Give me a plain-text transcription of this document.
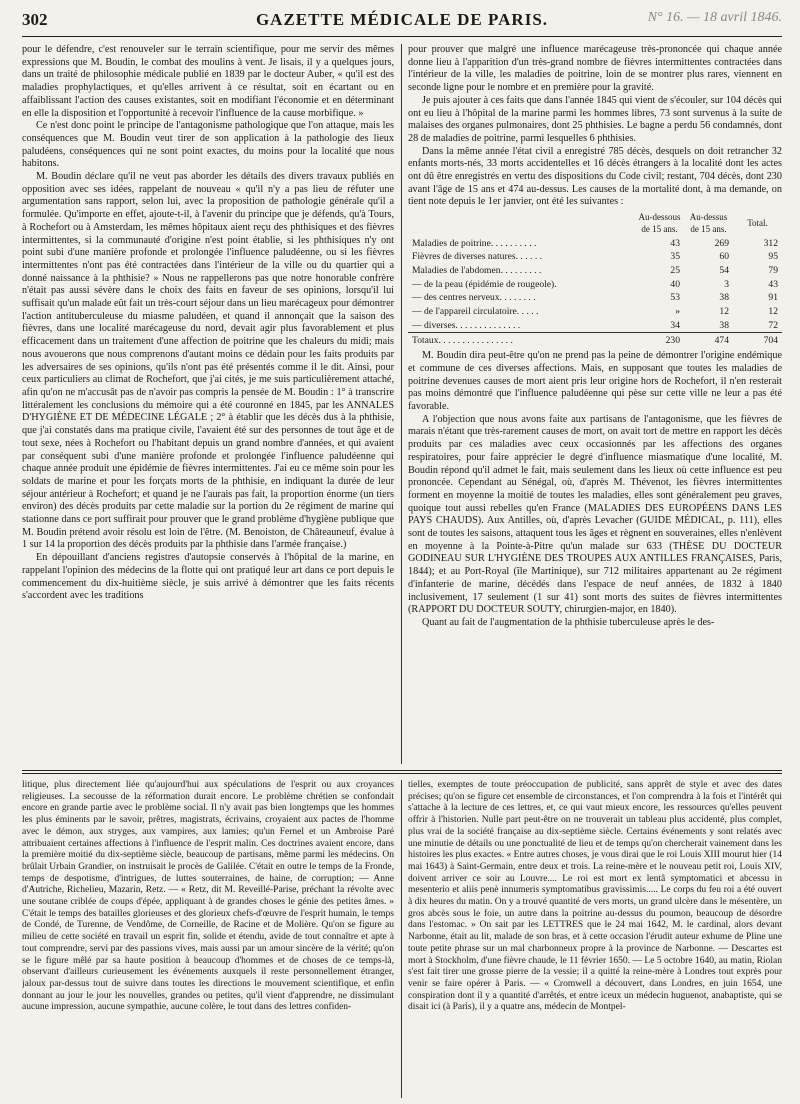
302	GAZETTE MÉDICALE DE PARIS.	N° 16. — 18 avril 1846.

pour le défendre, c'est renouveler sur le terrain scientifique, pour me servir des mêmes expressions que M. Boudin, le combat des moulins à vent. Je lisais, il y a quelques jours, dans un traité de philosophie médicale publié en 1839 par le docteur Auber, « qu'il est des maladies prophylactiques, et qu'elles arrivent à ce résultat, soit en écartant ou en affaiblissant l'action des causes existantes, soit en modifiant l'économie et en déterminant en elle la disposition et l'opportunité à recevoir l'influence de la cause morbifique. »

Ce n'est donc point le principe de l'antagonisme pathologique que l'on attaque, mais les conséquences que M. Boudin veut tirer de son application à la pathologie des lieux paludéens, conséquences qui ne sont point exactes, du moins pour la localité que nous habitons.

M. Boudin déclare qu'il ne veut pas aborder les détails des divers travaux publiés en opposition avec ses idées, rappelant de nouveau « qu'il n'y a pas lieu de réfuter une argumentation sans rapport, selon lui, avec la proposition de pathologie générale qu'il a formulée. Qu'importe en effet, ajoute-t-il, à l'avenir du principe que je défends, qu'à Tours, à Rochefort ou à Amsterdam, les mêmes hôpitaux aient reçu des phthisiques et des fièvres intermittentes, si la communauté d'origine n'est point établie, si les phthisiques n'y ont point subi d'une manière profonde et prolongée l'influence paludéenne, ou si les fièvres intermittentes n'ont pas été contractées dans l'intérieur de la ville ou du quartier qui a donné naissance à la phthisie? » Nous ne rappellerons pas que notre honorable confrère n'était pas aussi sévère dans le choix des faits en faveur de ses opinions, lorsqu'il lui suffisait qu'un malade eût fait un très-court séjour dans un lieu marécageux pour démontrer l'action antituberculeuse du miasme paludéen, et quand il annonçait que la saison des fièvres, dans une localité marécageuse du nord, devait agir plus favorablement et plus efficacement dans un traitement d'une affection de poitrine que les chaleurs du midi; mais nous avouerons que nous comprenons d'autant moins ce dédain pour les faits produits par les adversaires de ses opinions, qu'ils n'ont pas été présentés comme il le dit. Ainsi, pour ceux particuliers au climat de Rochefort, que j'ai cités, je me suis particulièrement attaché, afin qu'on ne m'accusât pas de n'avoir pas compris la pensée de M. Boudin : 1° à transcrire littéralement les conclusions du mémoire qui a été couronné en 1845, par les ANNALES D'HYGIÈNE ET DE MÉDECINE LÉGALE ; 2° à établir que les décès dus à la phthisie, que j'ai constatés dans ma pratique civile, l'avaient été sur des personnes de tout âge et de tout sexe, nées à Rochefort ou l'habitant depuis un grand nombre d'années, et qui avaient par conséquent subi d'une manière profonde et prolongée l'influence paludéenne qui chaque année produit une épidémie de fièvres intermittentes. J'ai eu ce même soin pour les soldats de marine et pour les forçats morts de la phthisie, en indiquant la durée de leur séjour antérieur à Rochefort; et quand je ne l'aurais pas fait, la proportion énorme (un tiers environ) des décès produits par cette maladie sur la portion du 2e régiment de marine qui stationne dans ce port suffirait pour prouver que le grand problème d'hygiène publique que M. Boudin prétend avoir résolu est loin de l'être. (M. Benoiston, de Châteauneuf, évalue à 1 sur 14 la proportion des décès produits par la phthisie dans l'armée française.)

En dépouillant d'anciens registres d'autopsie conservés à l'hôpital de la marine, en rappelant l'opinion des médecins de la flotte qui ont pratiqué leur art dans ce port depuis le commencement du dix-huitième siècle, je suis arrivé à démontrer que les faits récents s'accordent avec les traditions

pour prouver que malgré une influence marécageuse très-prononcée qui chaque année donne lieu à l'apparition d'un très-grand nombre de fièvres intermittentes contractées dans l'intérieur de la ville, les maladies de poitrine, loin de se montrer plus rares, viennent en seconde ligne pour le nombre et en première pour la gravité.

Je puis ajouter à ces faits que dans l'année 1845 qui vient de s'écouler, sur 104 décès qui ont eu lieu à l'hôpital de la marine parmi les hommes libres, 73 sont survenus à la suite de malaises des organes pulmonaires, dont 25 phthisies. Le bagne a perdu 56 condamnés, dont 28 de maladies de poitrine, parmi lesquelles 6 phthisies.

Dans la même année l'état civil a enregistré 785 décès, desquels on doit retrancher 32 enfants morts-nés, 33 morts accidentelles et 16 décès étrangers à la localité dont les actes ont dû être enregistrés en vertu des dispositions du Code civil; restant, 704 décès, dont 230 avant l'âge de 15 ans et 474 au-dessus. Les causes de la mortalité dont, à ma demande, on tient note depuis le 1er janvier, ont été les suivantes :

	Au-dessous de 15 ans.	Au-dessus de 15 ans.	Total.
Maladies de poitrine. . . . . . . . . .	43	269	312
Fièvres de diverses natures. . . . . .	35	60	95
Maladies de l'abdomen. . . . . . . . .	25	54	79
— de la peau (épidémie de rougeole).	40	3	43
— des centres nerveux. . . . . . . .	53	38	91
— de l'appareil circulatoire. . . . .	»	12	12
— diverses. . . . . . . . . . . . . .	34	38	72
Totaux. . . . . . . . . . . . . . . .	230	474	704

M. Boudin dira peut-être qu'on ne prend pas la peine de démontrer l'origine endémique et commune de ces diverses affections. Mais, en supposant que toutes les maladies de poitrine devenues causes de mort aient pris leur origine hors de Rochefort, il n'en resterait pas moins démontré que l'influence paludéenne qui pèse sur cette ville ne leur a pas été favorable.

A l'objection que nous avons faite aux partisans de l'antagonisme, que les fièvres de marais n'étant que très-rarement causes de mort, on avait tort de mettre en rapport les décès produits par ces maladies avec ceux occasionnés par les affections des organes respiratoires, pour faire apprécier le degré d'influence miasmatique d'une localité, M. Boudin répond qu'il admet le fait, mais seulement dans les lieux où cette influence est peu prononcée. Cependant au Sénégal, où, d'après M. Thévenot, les fièvres intermittentes forment en moyenne la moitié de toutes les maladies, elles sont généralement peu graves, quoique tout aussi rebelles qu'en France (MALADIES DES EUROPÉENS DANS LES PAYS CHAUDS). Aux Antilles, où, d'après Levacher (GUIDE MÉDICAL, p. 111), elles sont de toutes les saisons, attaquent tous les âges et règnent en souveraines, elles n'enlèvent en moyenne à la Pointe-à-Pitre qu'un malade sur 633 (THÈSE DU DOCTEUR GODINEAU SUR L'HYGIÈNE DES TROUPES AUX ANTILLES FRANÇAISES, Paris, 1844); et au Port-Royal (île Martinique), sur 712 militaires appartenant au 2e régiment d'infanterie de marine, décédés dans l'espace de neuf années, de 1832 à 1840 inclusivement, 17 seulement (1 sur 41) sont morts des suites de fièvres intermittentes (RAPPORT DU DOCTEUR SOUTY, chirurgien-major, en 1840).

Quant au fait de l'augmentation de la phthisie tuberculeuse après le des-

litique, plus directement liée qu'aujourd'hui aux spéculations de l'esprit ou aux croyances religieuses. La secousse de la réformation durait encore. Le problème chrétien se confondait encore en grande partie avec le problème social. Il n'y avait pas bien longtemps que les hommes les plus éminents par le savoir, prêtres, magistrats, écrivains, croyaient aux pactes de l'homme avec le démon, aux stryges, aux vampires, aux lamies; qu'un Fernel et un Ambroise Paré attribuaient certaines affections à l'influence de l'esprit malin. Ces doctrines avaient encore, dans la première moitié du dix-septième siècle, beaucoup de partisans, même parmi les médecins. On brûlait Urbain Grandier, on instruisait le procès de Galilée. C'était en outre le temps de la Fronde, temps de despotisme, d'intrigues, de luttes souterraines, de haine, de corruption; — Anne d'Autriche, Richelieu, Mazarin, Retz. — « Retz, dit M. Reveillé-Parise, préchant la révolte avec une soutane criblée de coups d'épée, appliquant à de grandes choses le génie des petites âmes. » C'était le temps des batailles glorieuses et des glorieux chefs-d'œuvre de l'esprit humain, le temps de Condé, de Turenne, de Vendôme, de Corneille, de Racine et de Molière. Qu'on se figure au milieu de cette société en travail un esprit fin, solide et étendu, avide de tout connaître et apte à tout comprendre, servi par des passions vives, mais aussi par un amour sincère de la vérité; qu'on se le figure mêlé par sa haute position à beaucoup d'hommes et de choses de ce temps-là, observant d'ailleurs curieusement les événements auxquels il reste personnellement étranger, jaloux par-dessus tout de suivre dans toutes les directions le mouvement scientifique, et enfin donnant au jour le jour les nouvelles, grandes ou petites, qu'il vient d'apprendre, ne dissimulant aucune impression, aucune sympathie, aucune colère, le tout dans des lettres confiden-

tielles, exemptes de toute préoccupation de publicité, sans apprêt de style et avec des dates précises; qu'on se figure cet ensemble de circonstances, et l'on comprendra à la fois et l'intérêt qui s'attache à la lecture de ces lettres, et, ce qui vaut mieux encore, les ressources qu'elles peuvent offrir à l'historien. Nulle part peut-être on ne trouverait un tableau plus accidenté, plus complet, plus vrai de la société française au dix-septième siècle. Certains événements y sont relatés avec une minutie de détails ou une ponctualité de lieu et de temps qu'on chercherait vainement dans les histoires les plus exactes. « Entre autres choses, je vous dirai que le roi Louis XIII mourut hier (14 mai 1643) à Saint-Germain, entre deux et trois. La reine-mère et le nouveau petit roi, Louis XIV, doivent arriver ce soir au Louvre.... Le roi est mort ex lentâ symptomatici et abcessu in mesenterio et aliis penè innumeris symptomatibus gravissimis..... Le corps du feu roi a été ouvert à dix heures du matin. On y a trouvé quantité de vers morts, un grand ulcère dans le mésentère, un gros abcès sous le foie, un autre dans la poitrine au-dessus du poumon, beaucoup de désordre dans l'estomac. » On sait par les LETTRES que le 24 mai 1642, M. le cardinal, alors devant Narbonne, était au lit, malade de son bras, et à cette occasion l'érudit auteur exhume de Pline une toute petite phrase sur un mal charbonneux propre à la province de Narbonne. — Descartes est mort à Stockholm, d'une fièvre chaude, le 11 février 1650. — Le 5 octobre 1640, au matin, Riolan s'est fait tirer une grosse pierre de la vessie; il a quitté la reine-mère à Londres tout exprès pour venir se faire opérer à Paris. — « Cromwell a découvert, dans Londres, en juin 1654, une conspiration dont il y a quantité d'arrêtés, et entre iceux un médecin huguenot, anabaptiste, qui se disait ici (à Paris), il y a quatre ans, médecin de Montpel-
